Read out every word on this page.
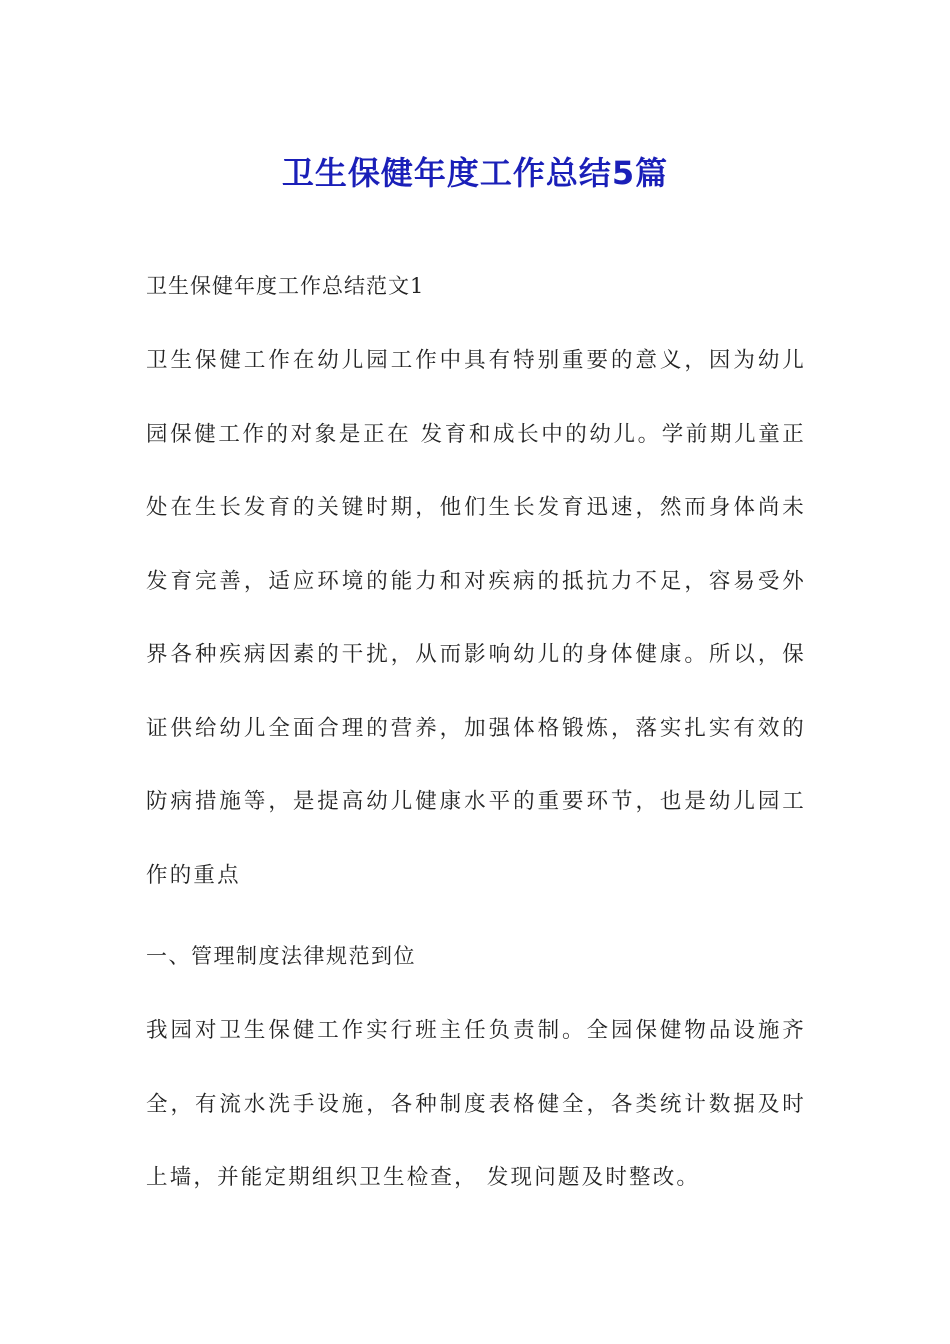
卫生保健年度工作总结5篇

卫生保健年度工作总结范文1

卫生保健工作在幼儿园工作中具有特别重要的意义，因为幼儿园保健工作的对象是正在 发育和成长中的幼儿。学前期儿童正处在生长发育的关键时期，他们生长发育迅速，然而身体尚未发育完善，适应环境的能力和对疾病的抵抗力不足，容易受外界各种疾病因素的干扰，从而影响幼儿的身体健康。所以，保证供给幼儿全面合理的营养，加强体格锻炼，落实扎实有效的防病措施等，是提高幼儿健康水平的重要环节，也是幼儿园工作的重点

一、管理制度法律规范到位

我园对卫生保健工作实行班主任负责制。全园保健物品设施齐全，有流水洗手设施，各种制度表格健全，各类统计数据及时上墙，并能定期组织卫生检查， 发现问题及时整改。
